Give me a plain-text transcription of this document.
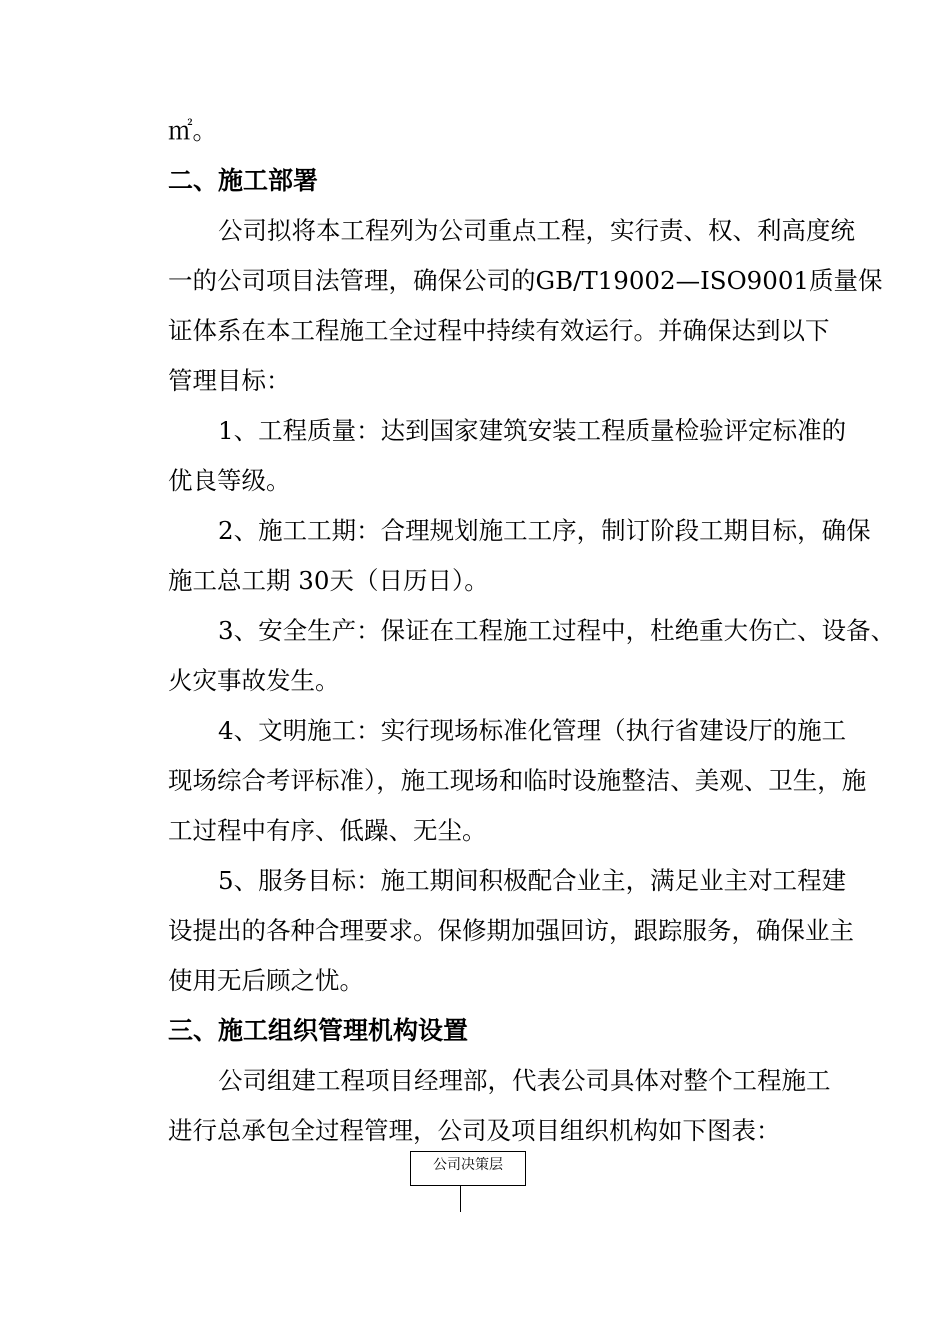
㎡。
二、施工部署
公司拟将本工程列为公司重点工程，实行责、权、利高度统
一的公司项目法管理，确保公司的GB/T19002—ISO9001质量保
证体系在本工程施工全过程中持续有效运行。并确保达到以下
管理目标：
1、工程质量：达到国家建筑安装工程质量检验评定标准的
优良等级。
2、施工工期：合理规划施工工序，制订阶段工期目标，确保
施工总工期 30天（日历日）。
3、安全生产：保证在工程施工过程中，杜绝重大伤亡、设备、
火灾事故发生。
4、文明施工：实行现场标准化管理（执行省建设厅的施工
现场综合考评标准），施工现场和临时设施整洁、美观、卫生，施
工过程中有序、低躁、无尘。
5、服务目标：施工期间积极配合业主，满足业主对工程建
设提出的各种合理要求。保修期加强回访，跟踪服务，确保业主
使用无后顾之忧。
三、施工组织管理机构设置
公司组建工程项目经理部，代表公司具体对整个工程施工
进行总承包全过程管理，公司及项目组织机构如下图表：
公司决策层
